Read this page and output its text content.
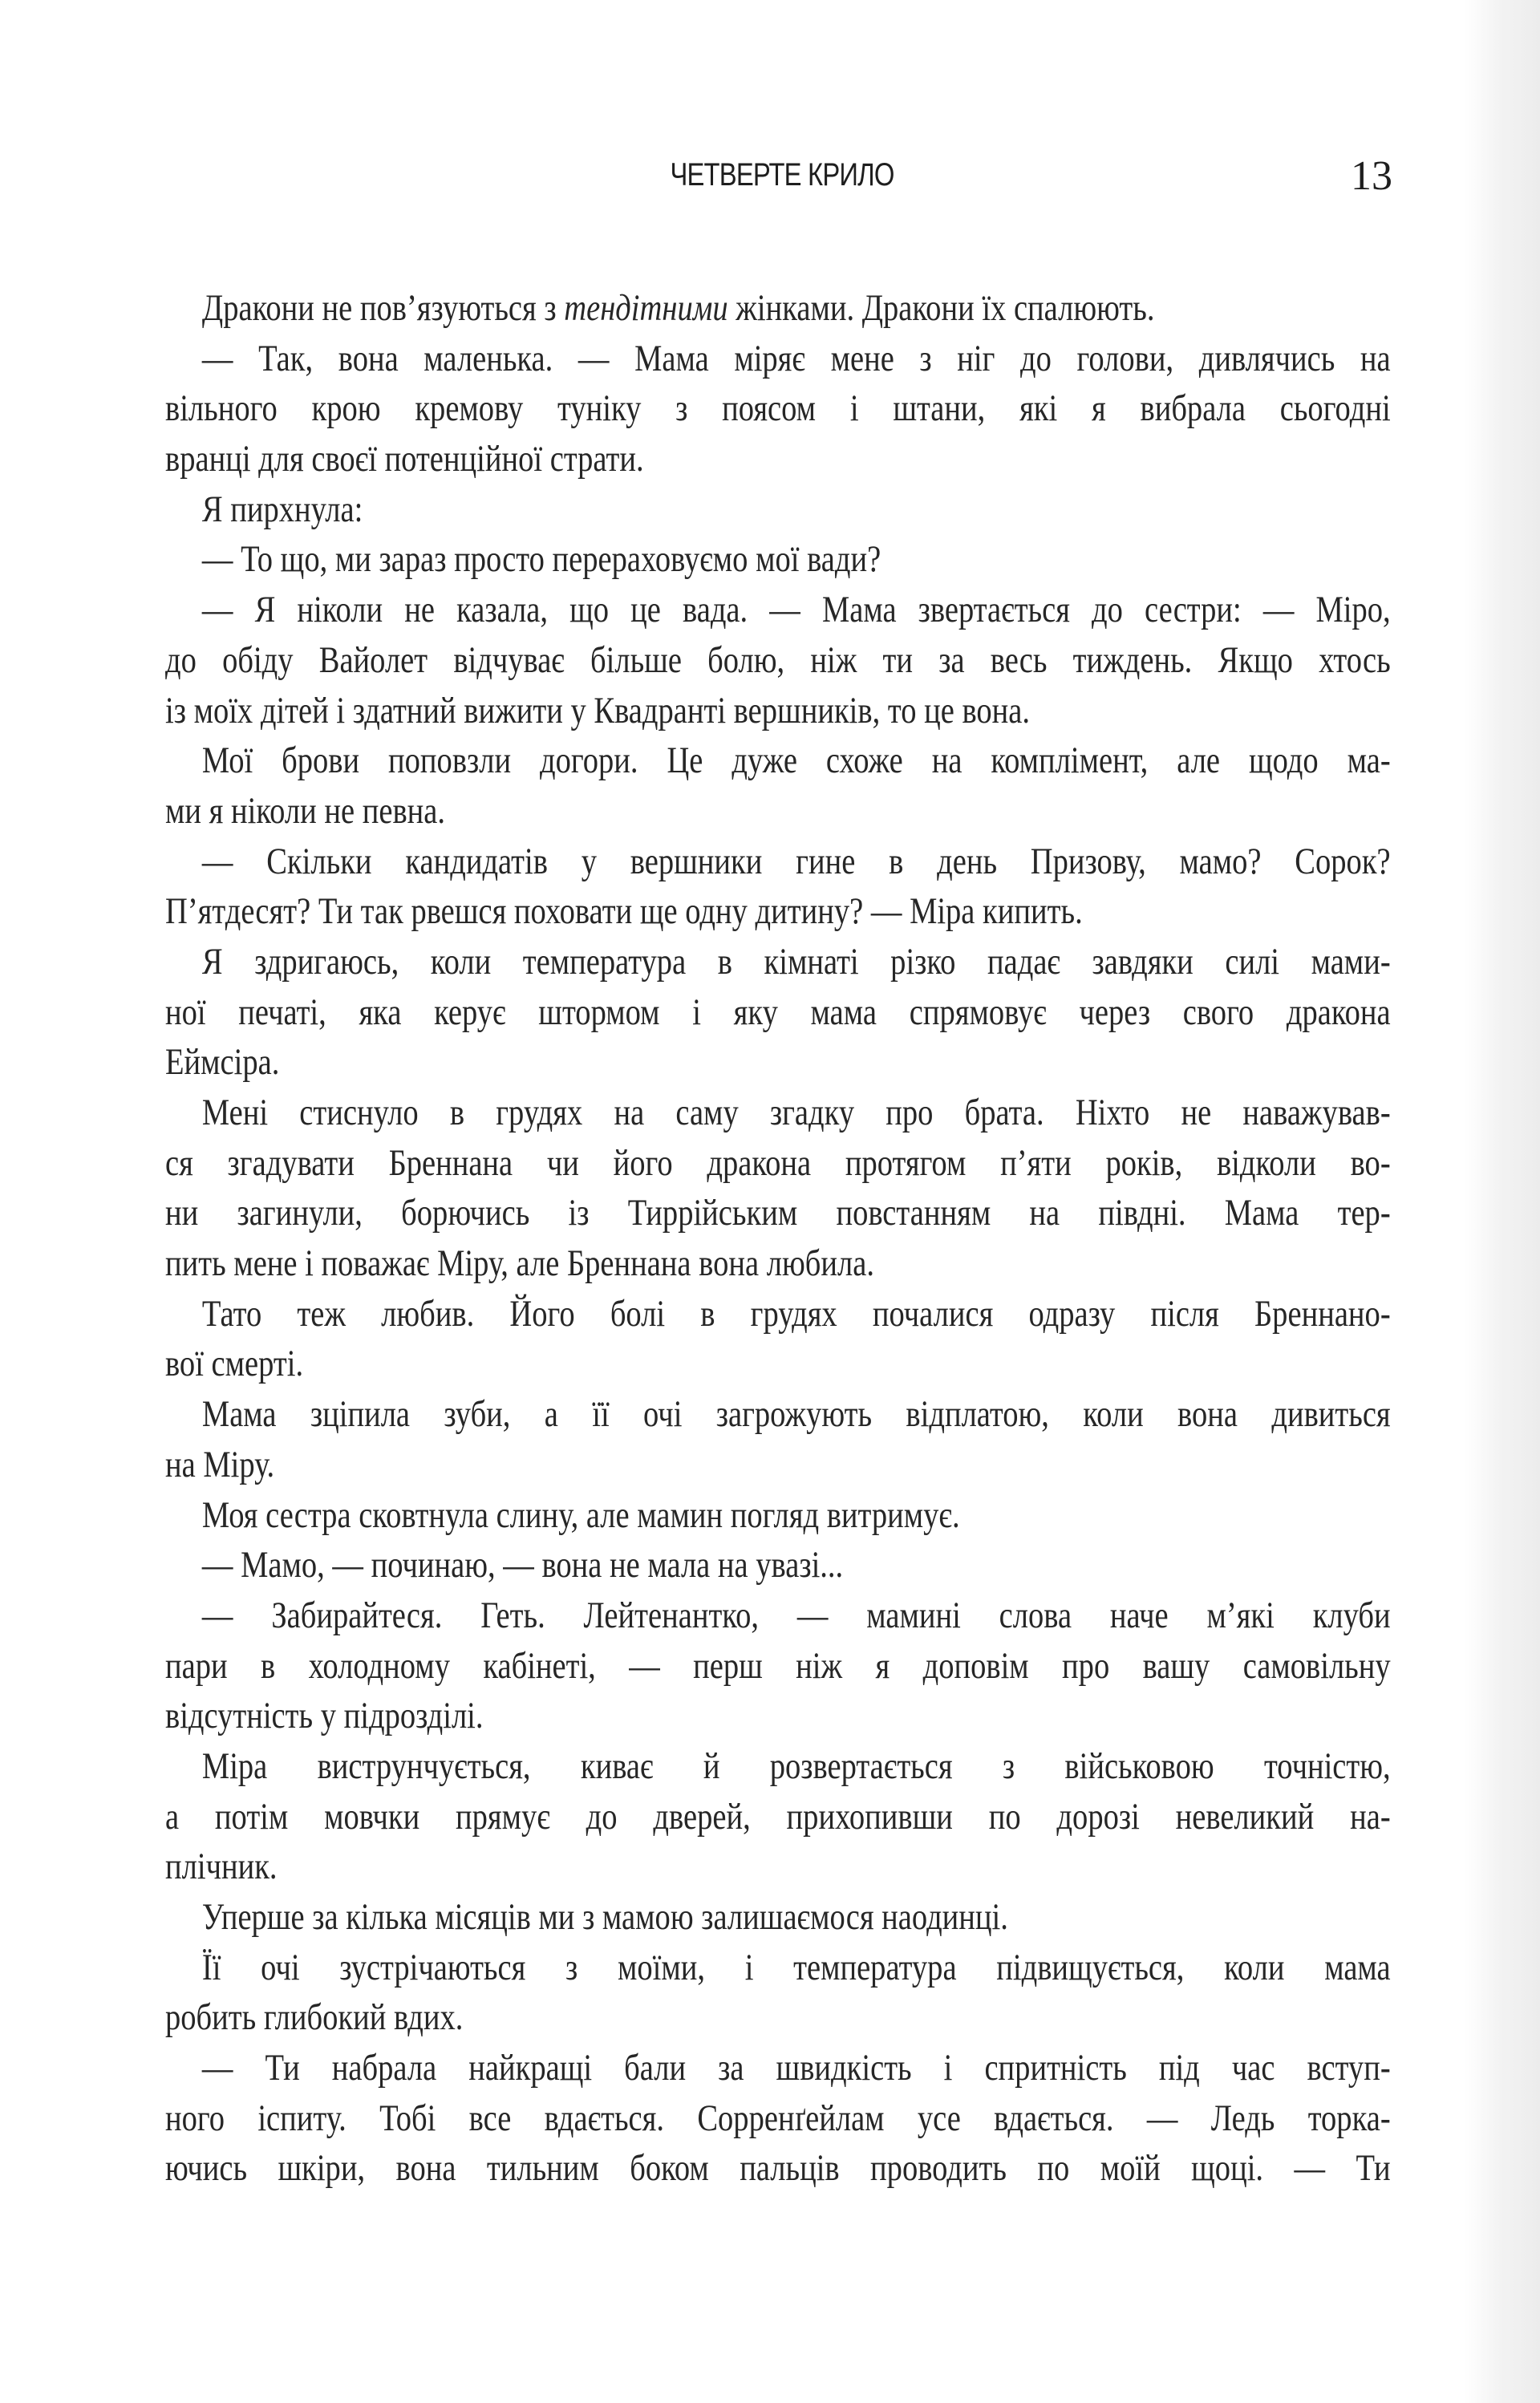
ЧЕТВЕРТЕ КРИЛО	13
Дракони не пов’язуються з тендітними жінками. Дракони їх спалюють.
— Так, вона маленька. — Мама міряє мене з ніг до голови, дивлячись на
вільного крою кремову туніку з поясом і штани, які я вибрала сьогодні
вранці для своєї потенційної страти.
Я пирхнула:
— То що, ми зараз просто перераховуємо мої вади?
— Я ніколи не казала, що це вада. — Мама звертається до сестри: — Міро,
до обіду Вайолет відчуває більше болю, ніж ти за весь тиждень. Якщо хтось
із моїх дітей і здатний вижити у Квадранті вершників, то це вона.
Мої брови поповзли догори. Це дуже схоже на комплімент, але щодо ма-
ми я ніколи не певна.
— Скільки кандидатів у вершники гине в день Призову, мамо? Сорок?
П’ятдесят? Ти так рвешся поховати ще одну дитину? — Міра кипить.
Я здригаюсь, коли температура в кімнаті різко падає завдяки силі мами-
ної печаті, яка керує штормом і яку мама спрямовує через свого дракона
Еймсіра.
Мені стиснуло в грудях на саму згадку про брата. Ніхто не наважував-
ся згадувати Бреннана чи його дракона протягом п’яти років, відколи во-
ни загинули, борючись із Тиррійським повстанням на півдні. Мама тер-
пить мене і поважає Міру, але Бреннана вона любила.
Тато теж любив. Його болі в грудях почалися одразу після Бреннано-
вої смерті.
Мама зціпила зуби, а її очі загрожують відплатою, коли вона дивиться
на Міру.
Моя сестра сковтнула слину, але мамин погляд витримує.
— Мамо, — починаю, — вона не мала на увазі...
— Забирайтеся. Геть. Лейтенантко, — мамині слова наче м’які клуби
пари в холодному кабінеті, — перш ніж я доповім про вашу самовільну
відсутність у підрозділі.
Міра виструнчується, киває й розвертається з військовою точністю,
а потім мовчки прямує до дверей, прихопивши по дорозі невеликий на-
плічник.
Уперше за кілька місяців ми з мамою залишаємося наодинці.
Її очі зустрічаються з моїми, і температура підвищується, коли мама
робить глибокий вдих.
— Ти набрала найкращі бали за швидкість і спритність під час вступ-
ного іспиту. Тобі все вдається. Сорренґейлам усе вдається. — Ледь торка-
ючись шкіри, вона тильним боком пальців проводить по моїй щоці. — Ти
